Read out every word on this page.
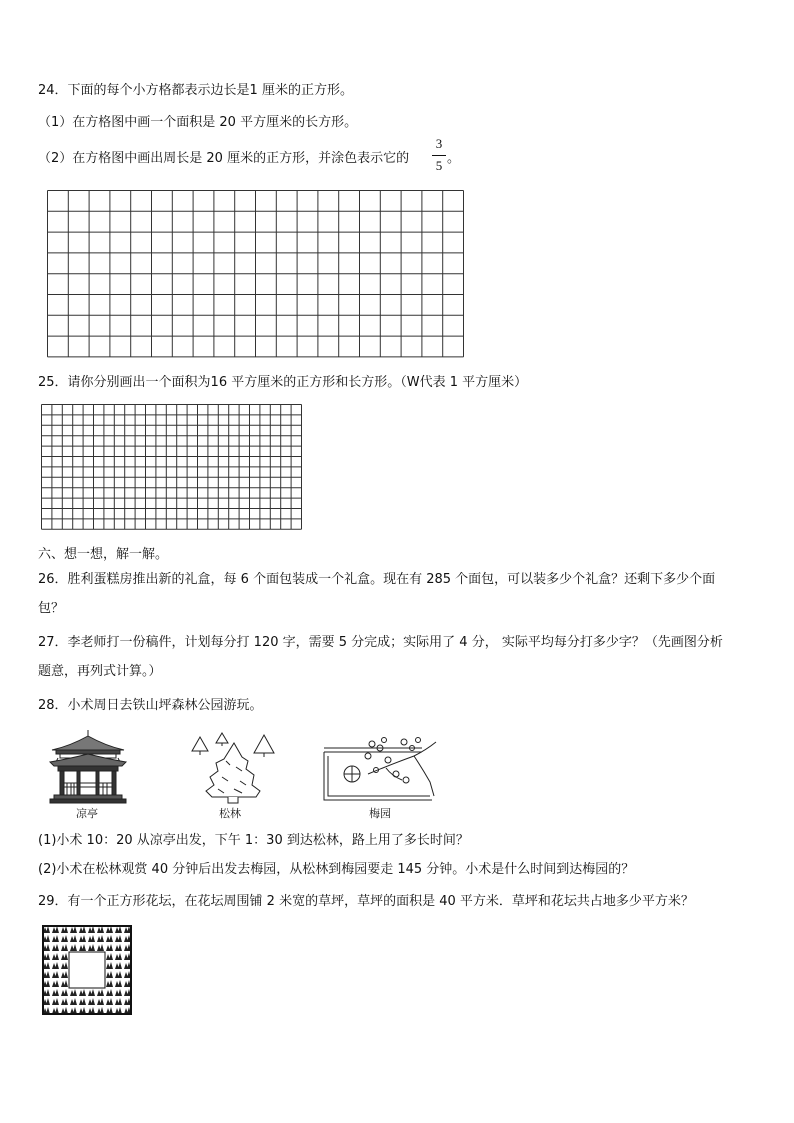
24．下面的每个小方格都表示边长是1 厘米的正方形。
（1）在方格图中画一个面积是 20 平方厘米的长方形。
（2）在方格图中画出周长是 20 厘米的正方形，并涂色表示它的
3
5 。
25．请你分别画出一个面积为16 平方厘米的正方形和长方形。（W代表 1 平方厘米）
六、想一想，解一解。
26．胜利蛋糕房推出新的礼盒，每 6 个面包装成一个礼盒。现在有 285 个面包，可以装多少个礼盒？还剩下多少个面
包？
27．李老师打一份稿件，计划每分打 120 字，需要 5 分完成；实际用了 4 分， 实际平均每分打多少字？（先画图分析
题意，再列式计算。）
28．小术周日去铁山坪森林公园游玩。
凉亭	松林	梅园
(1)小术 10：20 从凉亭出发，下午 1：30 到达松林，路上用了多长时间？
(2)小术在松林观赏 40 分钟后出发去梅园，从松林到梅园要走 145 分钟。小术是什么时间到达梅园的？
29．有一个正方形花坛，在花坛周围铺 2 米宽的草坪，草坪的面积是 40 平方米．草坪和花坛共占地多少平方米？
